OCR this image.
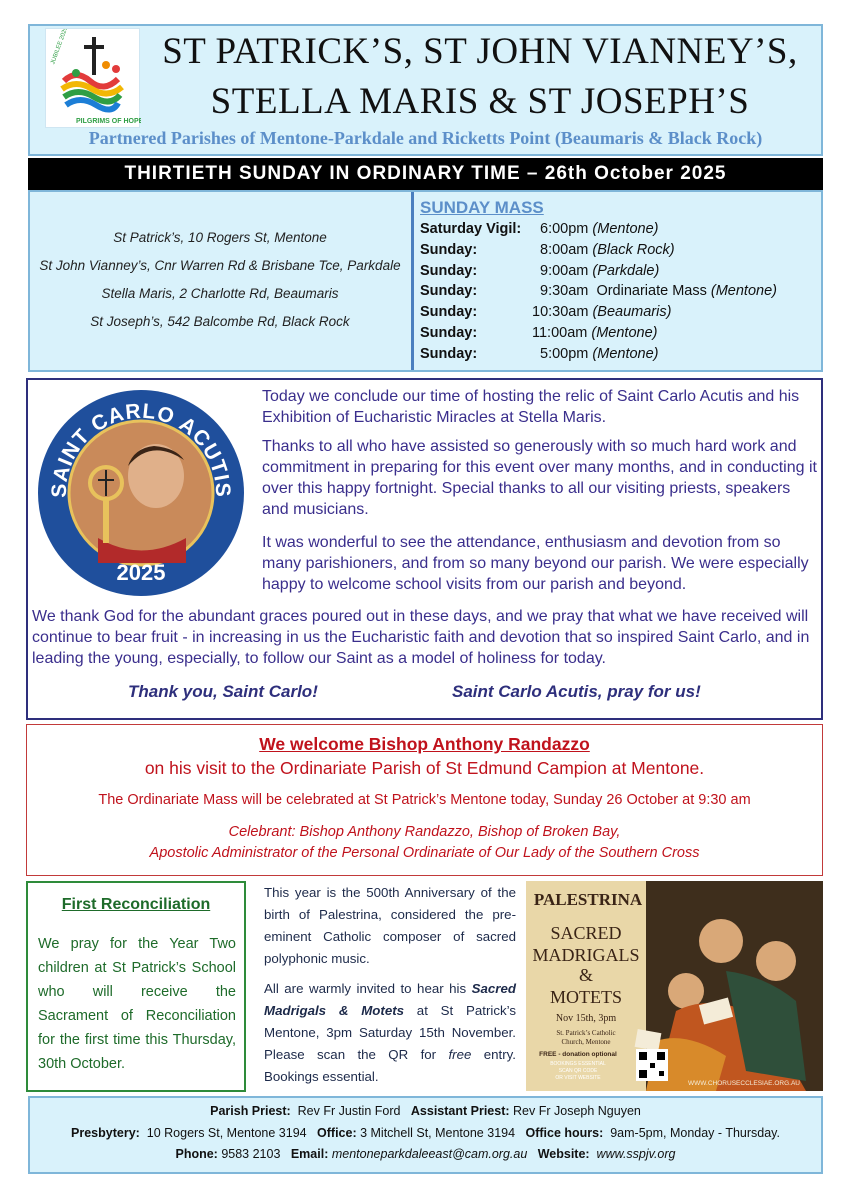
JUBILEE 2025
PILGRIMS OF HOPE
ST PATRICK’S, ST JOHN VIANNEY’S,
STELLA MARIS & ST JOSEPH’S
Partnered Parishes of Mentone-Parkdale and Ricketts Point (Beaumaris & Black Rock)
THIRTIETH SUNDAY IN ORDINARY TIME – 26th October 2025
St Patrick’s, 10 Rogers St, Mentone
St John Vianney’s, Cnr Warren Rd & Brisbane Tce, Parkdale
Stella Maris, 2 Charlotte Rd, Beaumaris
St Joseph’s, 542 Balcombe Rd, Black Rock
SUNDAY MASS
Saturday Vigil: 6:00pm (Mentone)
Sunday:	8:00am (Black Rock)
Sunday:	9:00am (Parkdale)
Sunday:	9:30am Ordinariate Mass (Mentone)
Sunday:	10:30am (Beaumaris)
Sunday:	11:00am (Mentone)
Sunday:	5:00pm (Mentone)
SAINT CARLO ACUTIS
2025
Today we conclude our time of hosting the relic of Saint Carlo Acutis and his Exhibition of Eucharistic Miracles at Stella Maris.
Thanks to all who have assisted so generously with so much hard work and commitment in preparing for this event over many months, and in conducting it over this happy fortnight. Special thanks to all our visiting priests, speakers and musicians.
It was wonderful to see the attendance, enthusiasm and devotion from so many parishioners, and from so many beyond our parish. We were especially happy to welcome school visits from our parish and beyond.
We thank God for the abundant graces poured out in these days, and we pray that what we have received will continue to bear fruit - in increasing in us the Eucharistic faith and devotion that so inspired Saint Carlo, and in leading the young, especially, to follow our Saint as a model of holiness for today.
Thank you, Saint Carlo!	Saint Carlo Acutis, pray for us!
We welcome Bishop Anthony Randazzo
on his visit to the Ordinariate Parish of St Edmund Campion at Mentone.
The Ordinariate Mass will be celebrated at St Patrick’s Mentone today, Sunday 26 October at 9:30 am
Celebrant: Bishop Anthony Randazzo, Bishop of Broken Bay,
Apostolic Administrator of the Personal Ordinariate of Our Lady of the Southern Cross
First Reconciliation
We pray for the Year Two children at St Patrick’s School who will receive the Sacrament of Reconciliation for the first time this Thursday, 30th October.
This year is the 500th Anniversary of the birth of Palestrina, considered the pre-eminent Catholic composer of sacred polyphonic music.
All are warmly invited to hear his Sacred Madrigals & Motets at St Patrick’s Mentone, 3pm Saturday 15th November. Please scan the QR for free entry. Bookings essential.
PALESTRINA
SACRED
MADRIGALS
&
MOTETS
Nov 15th, 3pm
St. Patrick’s Catholic
Church, Mentone
FREE - donation optional
BOOKINGS ESSENTIAL
SCAN QR CODE
OR VISIT WEBSITE
WWW.CHORUSECCLESIAE.ORG.AU
Parish Priest: Rev Fr Justin Ford Assistant Priest: Rev Fr Joseph Nguyen
Presbytery: 10 Rogers St, Mentone 3194 Office: 3 Mitchell St, Mentone 3194 Office hours: 9am-5pm, Monday - Thursday.
Phone: 9583 2103 Email: mentoneparkdaleeast@cam.org.au Website: www.sspjv.org
